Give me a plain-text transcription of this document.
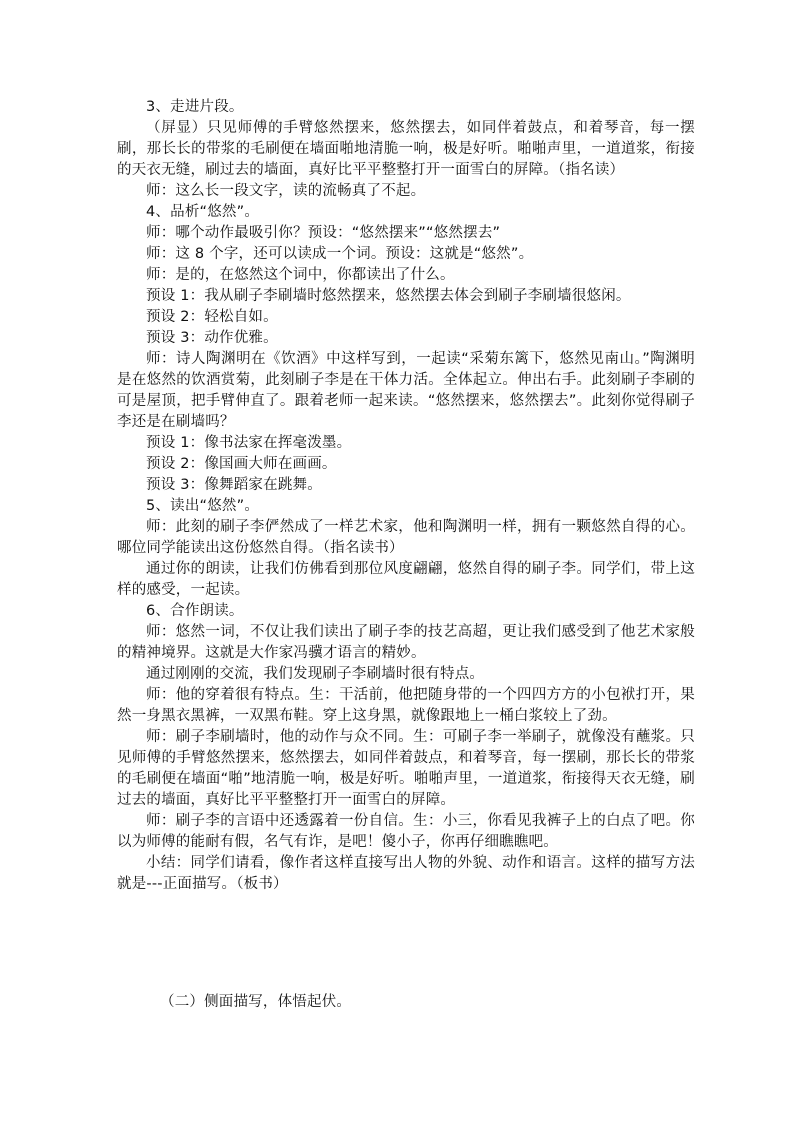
3、走进片段。

（屏显）只见师傅的手臂悠然摆来，悠然摆去，如同伴着鼓点，和着琴音，每一摆刷，那长长的带浆的毛刷便在墙面啪地清脆一响，极是好听。啪啪声里，一道道浆，衔接的天衣无缝，刷过去的墙面，真好比平平整整打开一面雪白的屏障。（指名读）

师：这么长一段文字，读的流畅真了不起。

4、品析“悠然”。

师：哪个动作最吸引你？预设：“悠然摆来”“悠然摆去”

师：这 8 个字，还可以读成一个词。预设：这就是“悠然”。

师：是的，在悠然这个词中，你都读出了什么。

预设 1：我从刷子李刷墙时悠然摆来，悠然摆去体会到刷子李刷墙很悠闲。

预设 2：轻松自如。

预设 3：动作优雅。

师：诗人陶渊明在《饮酒》中这样写到，一起读“采菊东篱下，悠然见南山。”陶渊明是在悠然的饮酒赏菊，此刻刷子李是在干体力活。全体起立。伸出右手。此刻刷子李刷的可是屋顶，把手臂伸直了。跟着老师一起来读。“悠然摆来，悠然摆去”。此刻你觉得刷子李还是在刷墙吗？

预设 1：像书法家在挥毫泼墨。

预设 2：像国画大师在画画。

预设 3：像舞蹈家在跳舞。

5、读出“悠然”。

师：此刻的刷子李俨然成了一样艺术家，他和陶渊明一样，拥有一颗悠然自得的心。哪位同学能读出这份悠然自得。（指名读书）

通过你的朗读，让我们仿佛看到那位风度翩翩，悠然自得的刷子李。同学们，带上这样的感受，一起读。

6、合作朗读。

师：悠然一词，不仅让我们读出了刷子李的技艺高超，更让我们感受到了他艺术家般的精神境界。这就是大作家冯骥才语言的精妙。

通过刚刚的交流，我们发现刷子李刷墙时很有特点。

师：他的穿着很有特点。生：干活前，他把随身带的一个四四方方的小包袱打开，果然一身黑衣黑裤，一双黑布鞋。穿上这身黑，就像跟地上一桶白浆较上了劲。

师：刷子李刷墙时，他的动作与众不同。生：可刷子李一举刷子，就像没有蘸浆。只见师傅的手臂悠然摆来，悠然摆去，如同伴着鼓点，和着琴音，每一摆刷，那长长的带浆的毛刷便在墙面“啪”地清脆一响，极是好听。啪啪声里，一道道浆，衔接得天衣无缝，刷过去的墙面，真好比平平整整打开一面雪白的屏障。

师：刷子李的言语中还透露着一份自信。生：小三，你看见我裤子上的白点了吧。你以为师傅的能耐有假，名气有诈，是吧！傻小子，你再仔细瞧瞧吧。

小结：同学们请看，像作者这样直接写出人物的外貌、动作和语言。这样的描写方法就是---正面描写。（板书）

（二）侧面描写，体悟起伏。
